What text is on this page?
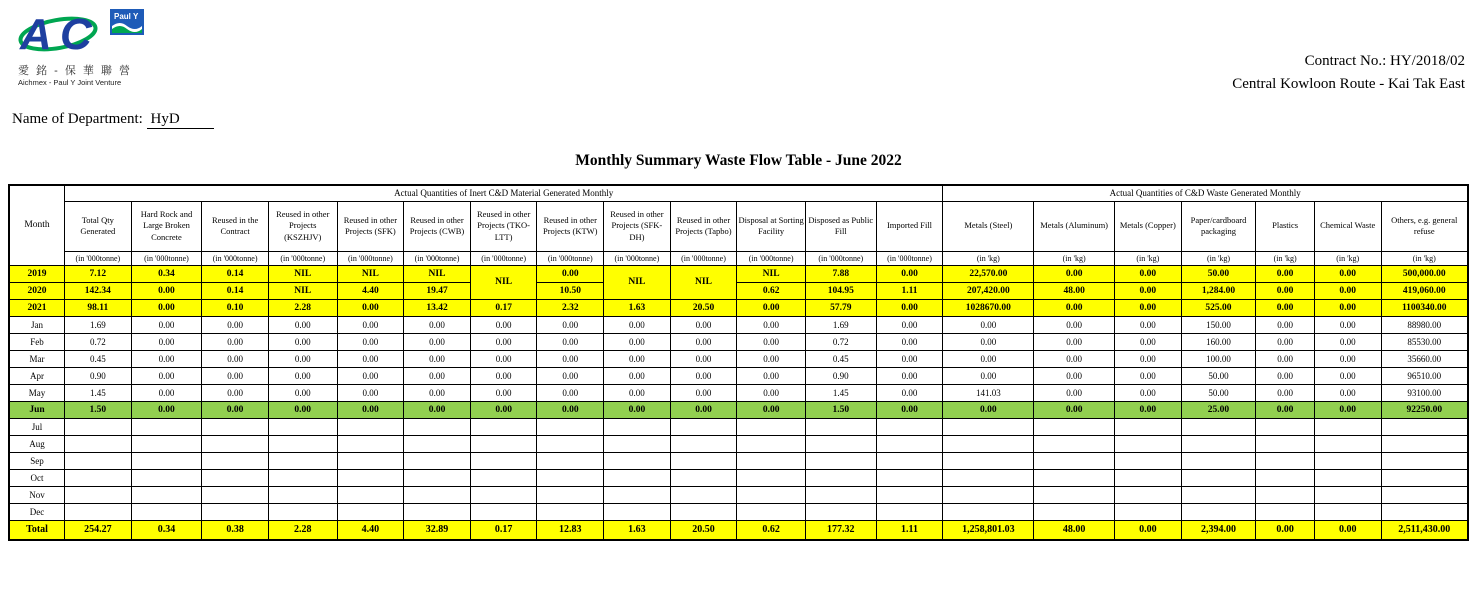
A C	Paul Y
愛 銘 - 保 華 聯 營
Aichmex - Paul Y Joint Venture
Contract No.: HY/2018/02
Central Kowloon Route - Kai Tak East
Name of Department: HyD
Monthly Summary Waste Flow Table - June 2022
Month	Actual Quantities of Inert C&D Material Generated Monthly													Actual Quantities of C&D Waste Generated Monthly						
	Total Qty Generated	Hard Rock and Large Broken Concrete	Reused in the Contract	Reused in other Projects (KSZHJV)	Reused in other Projects (SFK)	Reused in other Projects (CWB)	Reused in other Projects (TKO-LTT)	Reused in other Projects (KTW)	Reused in other Projects (SFK-DH)	Reused in other Projects (Tapbo)	Disposal at Sorting Facility	Disposed as Public Fill	Imported Fill	Metals (Steel)	Metals (Aluminum)	Metals (Copper)	Paper/cardboard packaging	Plastics	Chemical Waste	Others, e.g. general refuse
	(in '000tonne)	(in '000tonne)	(in '000tonne)	(in '000tonne)	(in '000tonne)	(in '000tonne)	(in '000tonne)	(in '000tonne)	(in '000tonne)	(in '000tonne)	(in '000tonne)	(in '000tonne)	(in '000tonne)	(in 'kg)	(in 'kg)	(in 'kg)	(in 'kg)	(in 'kg)	(in 'kg)	(in 'kg)
2019	7.12	0.34	0.14	NIL	NIL	NIL	NIL	0.00	NIL	NIL	NIL	7.88	0.00	22,570.00	0.00	0.00	50.00	0.00	0.00	500,000.00
2020	142.34	0.00	0.14	NIL	4.40	19.47		10.50			0.62	104.95	1.11	207,420.00	48.00	0.00	1,284.00	0.00	0.00	419,060.00
2021	98.11	0.00	0.10	2.28	0.00	13.42	0.17	2.32	1.63	20.50	0.00	57.79	0.00	1028670.00	0.00	0.00	525.00	0.00	0.00	1100340.00
Jan	1.69	0.00	0.00	0.00	0.00	0.00	0.00	0.00	0.00	0.00	0.00	1.69	0.00	0.00	0.00	0.00	150.00	0.00	0.00	88980.00
Feb	0.72	0.00	0.00	0.00	0.00	0.00	0.00	0.00	0.00	0.00	0.00	0.72	0.00	0.00	0.00	0.00	160.00	0.00	0.00	85530.00
Mar	0.45	0.00	0.00	0.00	0.00	0.00	0.00	0.00	0.00	0.00	0.00	0.45	0.00	0.00	0.00	0.00	100.00	0.00	0.00	35660.00
Apr	0.90	0.00	0.00	0.00	0.00	0.00	0.00	0.00	0.00	0.00	0.00	0.90	0.00	0.00	0.00	0.00	50.00	0.00	0.00	96510.00
May	1.45	0.00	0.00	0.00	0.00	0.00	0.00	0.00	0.00	0.00	0.00	1.45	0.00	141.03	0.00	0.00	50.00	0.00	0.00	93100.00
Jun	1.50	0.00	0.00	0.00	0.00	0.00	0.00	0.00	0.00	0.00	0.00	1.50	0.00	0.00	0.00	0.00	25.00	0.00	0.00	92250.00
Jul																				
Aug																				
Sep																				
Oct																				
Nov																				
Dec																				
Total	254.27	0.34	0.38	2.28	4.40	32.89	0.17	12.83	1.63	20.50	0.62	177.32	1.11	1,258,801.03	48.00	0.00	2,394.00	0.00	0.00	2,511,430.00
